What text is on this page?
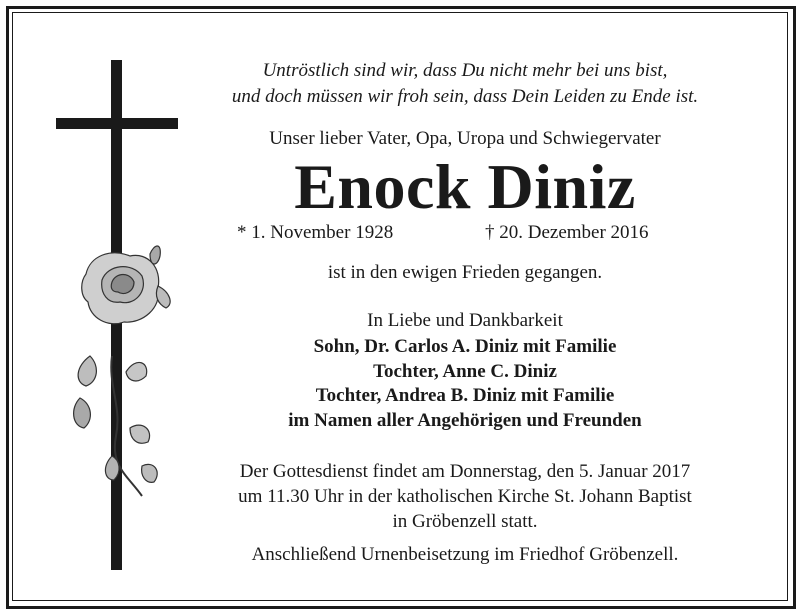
Untröstlich sind wir, dass Du nicht mehr bei uns bist,
und doch müssen wir froh sein, dass Dein Leiden zu Ende ist.
Unser lieber Vater, Opa, Uropa und Schwiegervater
Enock Diniz
* 1. November 1928	† 20. Dezember 2016
ist in den ewigen Frieden gegangen.
In Liebe und Dankbarkeit
Sohn, Dr. Carlos A. Diniz mit Familie
Tochter, Anne C. Diniz
Tochter, Andrea B. Diniz mit Familie
im Namen aller Angehörigen und Freunden
Der Gottesdienst findet am Donnerstag, den 5. Januar 2017
um 11.30 Uhr in der katholischen Kirche St. Johann Baptist
in Gröbenzell statt.
Anschließend Urnenbeisetzung im Friedhof Gröbenzell.
